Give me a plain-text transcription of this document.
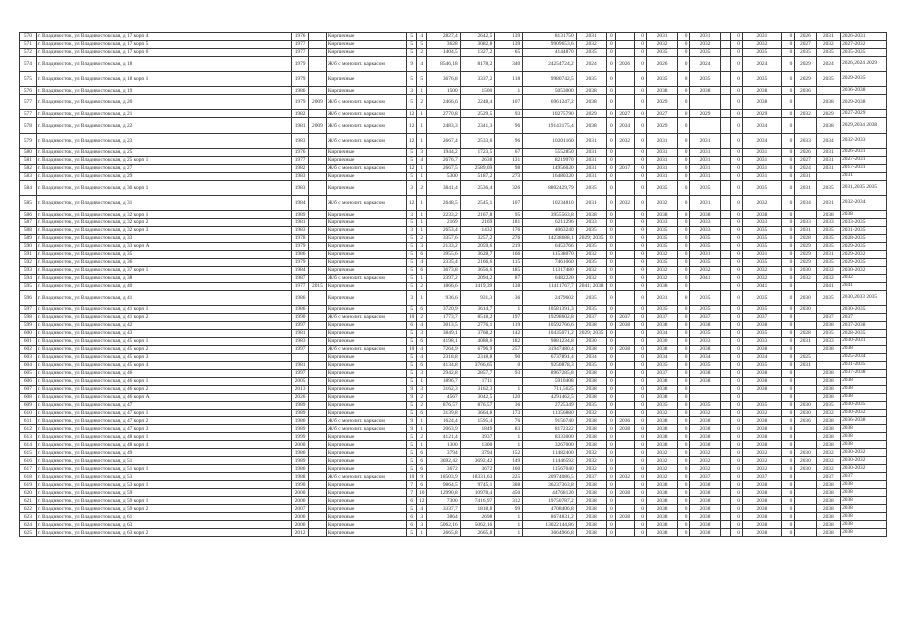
570	г. Владивосток, ул Владивостокская, д 17 корп 4	1976		Кирпичные	5	4	2827,4	2642,5	139	8131750	2031	0		0	2031	0	2031		0	2031	0	2026	2031	2026-2031
571	г. Владивосток, ул Владивостокская, д 17 корп 5	1977		Кирпичные	5	5	3628	3082,8	139	9909653,6	2032	0		0	2032	0	2032		0	2032	0	2027	2032	2027-2032
572	г. Владивосток, ул Владивостокская, д 17 корп 6	1977		Кирпичные	5	2	1404,5	1327,2	65	4144870	2035	0		0	2035	0	2035		0	2035	0	2035	2035	2035-2035
574	г. Владивосток, ул Владивостокская, д 18	1979		Ж/б с монолит. каркасом	9	4	8546,18	8178,2	340	24254724,2	2024	0	2026	0	2026	0	2024		0	2024	0	2029	2024	2026,2024 2029
575	г. Владивосток, ул Владивостокская, д 18 корп 1	1979		Кирпичные	5	5	3676,8	3337,2	118	9980742,5	2035	0		0	2035	0	2035		0	2035	0	2029	2035	2029-2035
576	г. Владивосток, ул Владивостокская, д 19	1986		Кирпичные	3	1	1500	1500	1	5053000	2038	0		0	2038	0	2038		0	2038	0	2036		2036-2038
577	г. Владивосток, ул Владивостокская, д 20	1979	2009	Ж/б с монолит. каркасом	5	2	2466,6	2248,4	107	6961247,2	2038	0		0	2029	0			0	2038	0		2038	2029-2038
577	г. Владивосток, ул Владивостокская, д 21	1982		Ж/б с монолит. каркасом	12	1	2770,8	2529,5	93	10275790	2029	0	2027	0	2027	0	2029		0	2029	0	2032	2029	2027-2029
578	г. Владивосток, ул Владивостокская, д 22	1981	2009	Ж/б с монолит. каркасом	12	1	2483,3	2341,3	96	19143175,4	2038	0	2034	0	2029	0			0	2034	0		2038	2029,2034 2038
579	г. Владивосток, ул Владивостокская, д 23	1983		Ж/б с монолит. каркасом	12	1	2667,4	2533,6	96	10201160	2031	0	2032	0	2031	0	2031		0	2034	0	2033	2034	2032-2033
580	г. Владивосток, ул Владивостокская, д 25	1976		Кирпичные	5	3	1944,2	1723,5	67	5552850	2031	0		0	2031	0	2031		0	2031	0	2026	2031	2026-2031
581	г. Владивосток, ул Владивостокская, д 25 корп 1	1977		Кирпичные	5	4	2676,7	2638	131	8219970	2031	0		0	2031	0	2031		0	2031	0	2027	2031	2027-2031
582	г. Владивосток, ул Владивостокская, д 27	1982		Ж/б с монолит. каркасом	12	1	2667,5	2589,69	98	14956020	2031	0	2017	0	2031	0	2031		0	2031	0	2024	2031	2017-2031
583	г. Владивосток, ул Владивостокская, д 29	1983		Кирпичные	5	1	5300	5187,2	273	16480320	2031	0		0	2031	0	2031		0	2031	0	2031		2031
584	г. Владивосток, ул Владивостокская, д 30 корп 1	1983		Кирпичные	3	2	3841,4	2536,4	326	8802429,79	2035	0		0	2035	0	2035		0	2035	0	2031	2035	2031,2035 2035
585	г. Владивосток, ул Владивостокская, д 31	1984		Ж/б с монолит. каркасом	12	1	2648,5	2545,1	107	10234810	2031	0	2032	0	2032	0	2031		0	2032	0	2034	2031	2032-2034
586	г. Владивосток, ул Владивостокская, д 32 корп 1	1989		Кирпичные	3	1	2233,2	2167,8	95	3955563,8	2038	0		0	2038	0	2038		0	2038	0		2038	2038
587	г. Владивосток, ул Владивостокская, д 32 корп 2	1981		Кирпичные	5	1	2169	2169	181	6211296	2033	0		0	2033	0	2033		0	2033	0	2033	2033	2033-2035
588	г. Владивосток, ул Владивостокская, д 32 корп 3	1983		Кирпичные	3	1	2653,4	1432	176	4063240	2035	0		0	2035	0	2033		0	2035	0	2031	2035	2031-2035
589	г. Владивосток, ул Владивостокская, д 33	1978		Кирпичные	5	2	3357,6	3257,2	276	14238688,1	2029; 2035	0		0	2035	0	2035		0	2035	0	2028	2035	2028-2035
590	г. Владивосток, ул Владивостокская, д 33 корп А	1979		Кирпичные	5	3	2133,2	2059,6	219	6453766	2035	0		0	2035	0	2035		0	2035	0	2029	2035	2029-2035
591	г. Владивосток, ул Владивостокская, д 35	1986		Кирпичные	5	6	3955,6	3628,7	166	11538070	2032	0		0	2032	0	2031		0	2031	0	2029	2031	2029-2032
592	г. Владивосток, ул Владивостокская, д 36	1979		Кирпичные	5	4	2335,4	2166,6	115	7461060	2035	0		0	2035	0	2035		0	2035	0	2029	2035	2029-2035
593	г. Владивосток, ул Владивостокская, д 37 корп 1	1984		Кирпичные	5	6	3673,8	3656,6	185	11317480	2032	0		0	2032	0	2032		0	2032	0	2030	2032	2030-2032
594	г. Владивосток, ул Владивостокская, д 38	1987		Ж/б с монолит. каркасом	5	1	2397,2	2094,2	87	6482220	2032	0		0	2032	0	2041		0	2032	0	2032	2032	2032
595	г. Владивосток, ул Владивостокская, д 40	1977	2015	Кирпичные	5	2	1866,6	1419,39	138	11411767,7	2041; 2038	0		0	2038	0			0	2041	0		2041	2041
596	г. Владивосток, ул Владивостокская, д 41	1986		Кирпичные	3	1	936,6	931,3	36	2479602	2035	0		0	2031	0	2035		0	2035	0	2030	2035	2030,2033 2035
597	г. Владивосток, ул Владивостокская, д 41 корп 1	1986		Кирпичные	5	6	3720,9	3614,7	1	10581391,3	2035	0		0	2035	0	2035		0	2035	0	2030		2030-2035
598	г. Владивосток, ул Владивостокская, д 41 корп 2	1990		Ж/б с монолит. каркасом	10	2	1773,7	8518,2	197	19298602,8	2037	0	2037	0	2037	0	2037		0	2037	0		2037	2037
599	г. Владивосток, ул Владивостокская, д 42	1997		Кирпичные	6	4	3013,5	2776,1	119	10592766,6	2038	0	2038	0	2038	0	2038		0	2038	0		2038	2037-2038
600	г. Владивосток, ул Владивостокская, д 43	1981		Кирпичные	5	3	3849,1	3768,2	142	10435071,2	2029; 2035	0		0	2034	0	2035		0	2035	0	2028	2035	2028-2035
601	г. Владивосток, ул Владивостокская, д 45 корп 1	1983		Кирпичные	5	6	4198,1	4088,6	182	9881234,8	2030	0		0	2030	0	2033		0	2033	0	2031	2033	2030-2031
602	г. Владивосток, ул Владивостокская, д 45 корп 2	1997		Ж/б с монолит. каркасом	10	4	7264,9	6796,9	257	31947480,4	2038	0	2038	0	2038	0	2038		0	2038	0		2038	2038
603	г. Владивосток, ул Владивостокская, д 45 корп 3			Кирпичные	5	4	2318,8	2318,8	90	6737891,4	2034	0		0	2034	0	2034		0	2034	0	2025		2025-2034
604	г. Владивосток, ул Владивостокская, д 45 корп 4	1981		Кирпичные	5	6	4134,8	3766,65	0	9250878,3	2035	0		0	2035	0	2035		0	2035	0	2031		2031-2035
605	г. Владивосток, ул Владивостокская, д 46	1997		Кирпичные	5	3	2942,8	2857,7	93	8967285,8	2038	0		0	2037	0	2038		0	2038	0		2038	2037-2038
606	г. Владивосток, ул Владивостокская, д 46 корп 1	2005		Кирпичные	5	1	1896,7	1711		5910408	2038	0		0	2038	0	2038		0	2038	0		2038	2038
607	г. Владивосток, ул Владивостокская, д 46 корп 2	2013		Кирпичные	9	3	3162,3	3162,3	1	711,5625	2038	0		0	2038	0			0	2038	0		2038	2038
608	г. Владивосток, ул Владивостокская, д 46 корп А	2026		Кирпичные	9	2	4567	3042,5	120	4291462,5	2038	0		0	2038	0			0		0		2038	2038
609	г. Владивосток, ул Владивостокская, д 47	1989		Кирпичные	5	2	876,57	876,57	36	2725349	2035	0		0	2035	0	2035		0	2035	0	2030	2035	2030-2035
610	г. Владивосток, ул Владивостокская, д 47 корп 1	1989		Кирпичные	5	6	3139,8	3664,8	173	11356880	2032	0		0	2032	0	2032		0	2032	0	2030	2032	2030-2032
611	г. Владивосток, ул Владивостокская, д 47 корп 2	1986		Ж/б с монолит. каркасом	9	1	1624,4	1595,4	76	9156740	2038	0	2036	0	2038	0	2038		0	2038	0	2036	2038	2036-2038
612	г. Владивосток, ул Владивостокская, д 47 корп 3	1989		Ж/б с монолит. каркасом	9	1	2063,9	1849	83	8172322	2038	0	2038	0	2038	0	2038		0	2038	0		2038	2038
613	г. Владивосток, ул Владивостокская, д 48 корп 1	1999		Кирпичные	5	2	4121,4	3937	1	8333000	2038	0		0	2038	0	2038		0	2038	0		2038	2038
614	г. Владивосток, ул Владивостокская, д 48 корп 4	2000		Кирпичные	5	1	1300	1300	1	3267000	2038	0		0	2038	0	2038		0	2038	0		2038	2038
615	г. Владивосток, ул Владивостокская, д 49	1986		Кирпичные	5	6	3794	3794	152	11482400	2032	0		0	2032	0	2032		0	2032	0	2030	2032	2030-2032
616	г. Владивосток, ул Владивостокская, д 51	1989		Кирпичные	5	6	3692,42	3692,42	149	11446592	2032	0		0	2032	0	2032		0	2032	0	2030	2032	2030-2032
617	г. Владивосток, ул Владивостокская, д 51 корп 1	1986		Кирпичные	5	6	3672	3672	160	11567040	2032	0		0	2032	0	2032		0	2032	0	2030	2032	2030-2032
618	г. Владивосток, ул Владивостокская, д 53	1988		Ж/б с монолит. каркасом	10	9	18503,9	18331,63	225	20974086,5	2037	0	2032	0	2032	0	2037		0	2037	0		2037	2037
619	г. Владивосток, ул Владивостокская, д 53 корп 1	1990		Кирпичные	7	6	9864,5	9745,1	308	36237363,8	2038	0		0	2038	0	2038		0	2038	0		2038	2038
620	г. Владивосток, ул Владивостокская, д 59	2000		Кирпичные	7	10	12990,8	10978,4	450	44768120	2038	0	2038	0	2038	0	2038		0	2038	0		2038	2038
621	г. Владивосток, ул Владивостокская, д 59 корп 1	2006		Кирпичные	6	12	7300	7416,97	312	19750787,2	2038	0		0	2038	0	2038		0	2038	0		2038	2038
622	г. Владивосток, ул Владивостокская, д 59 корп 2	2007		Кирпичные	5	4	3337,7	1818,8	99	4708406,8	2038	0		0	2038	0	2038		0	2038	0		2038	2038
623	г. Владивосток, ул Владивостокская, д 61	2006		Кирпичные	6	3	3864	2698	1	8674831,2	2038	0	2038	0	2038	0	2038		0	2038	0		2038	2038
624	г. Владивосток, ул Владивостокская, д 63	2006		Кирпичные	6	3	5062,16	5062,16	1	13022144,86	2038	0		0	2038	0	2038		0	2038	0		2038	2038
625	г. Владивосток, ул Владивостокская, д 63 корп 2	2012		Кирпичные	5	1	2665,8	2665,8	1	3664966,8	2038	0		0	2038	0	2038		0	2038	0		2038	2038
